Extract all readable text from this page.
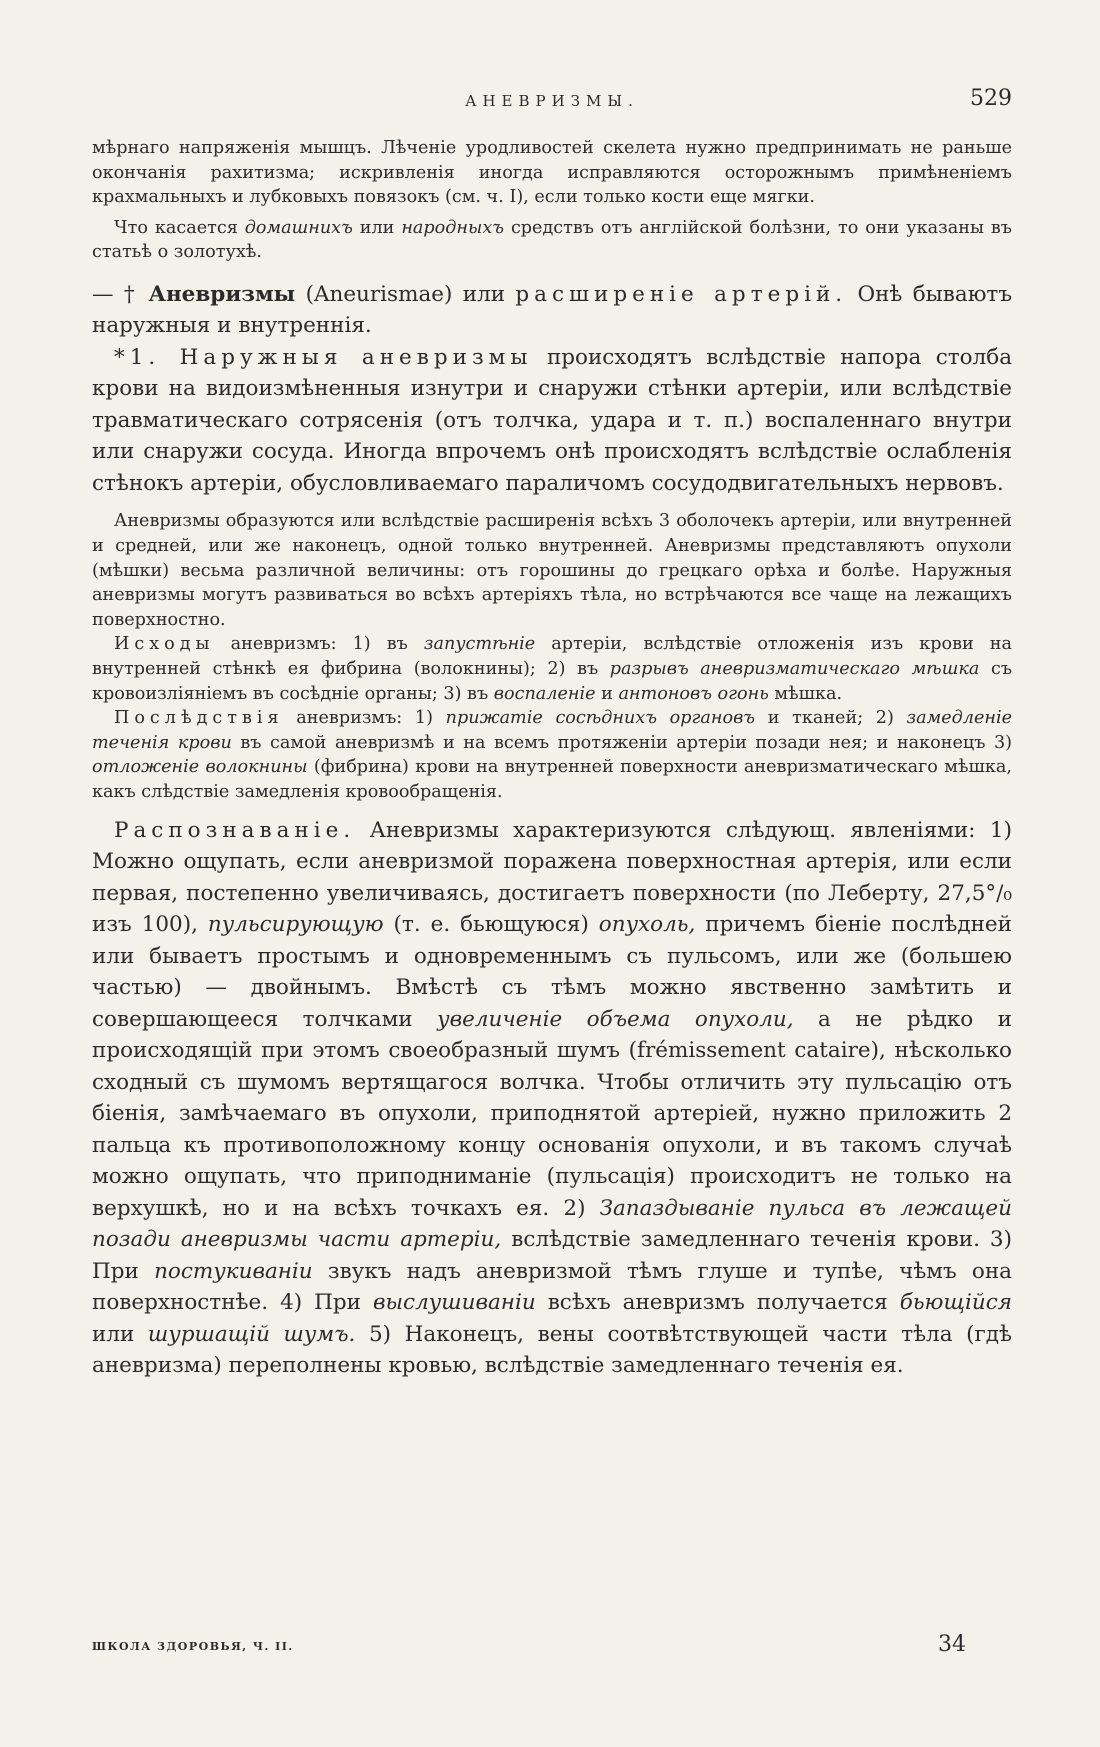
АНЕВРИЗМЫ.	529

мѣрнаго напряженія мышцъ. Лѣченіе уродливостей скелета нужно предпринимать не раньше окончанія рахитизма; искривленія иногда исправляются осторожнымъ примѣненіемъ крахмальныхъ и лубковыхъ повязокъ (см. ч. I), если только кости еще мягки.

Что касается домашнихъ или народныхъ средствъ отъ англійской болѣзни, то они указаны въ статьѣ о золотухѣ.

— † Аневризмы (Aneurismae) или расширеніе артерій. Онѣ бываютъ наружныя и внутреннія.

*1. Наружныя аневризмы происходятъ вслѣдствіе напора столба крови на видоизмѣненныя изнутри и снаружи стѣнки артеріи, или вслѣдствіе травматическаго сотрясенія (отъ толчка, удара и т. п.) воспаленнаго внутри или снаружи сосуда. Иногда впрочемъ онѣ происходятъ вслѣдствіе ослабленія стѣнокъ артеріи, обусловливаемаго параличомъ сосудодвигательныхъ нервовъ.

Аневризмы образуются или вслѣдствіе расширенія всѣхъ 3 оболочекъ артеріи, или внутренней и средней, или же наконецъ, одной только внутренней. Аневризмы представляютъ опухоли (мѣшки) весьма различной величины: отъ горошины до грецкаго орѣха и болѣе. Наружныя аневризмы могутъ развиваться во всѣхъ артеріяхъ тѣла, но встрѣчаются все чаще на лежащихъ поверхностно.

Исходы аневризмъ: 1) въ запустѣніе артеріи, вслѣдствіе отложенія изъ крови на внутренней стѣнкѣ ея фибрина (волокнины); 2) въ разрывъ аневризматическаго мѣшка съ кровоизліяніемъ въ сосѣдніе органы; 3) въ воспаленіе и антоновъ огонь мѣшка.

Послѣдствія аневризмъ: 1) прижатіе сосѣднихъ органовъ и тканей; 2) замедленіе теченія крови въ самой аневризмѣ и на всемъ протяженіи артеріи позади нея; и наконецъ 3) отложеніе волокнины (фибрина) крови на внутренней поверхности аневризматическаго мѣшка, какъ слѣдствіе замедленія кровообращенія.

Распознаваніе. Аневризмы характеризуются слѣдующ. явленіями: 1) Можно ощупать, если аневризмой поражена поверхностная артерія, или если первая, постепенно увеличиваясь, достигаетъ поверхности (по Леберту, 27,5°/₀ изъ 100), пульсирующую (т. е. бьющуюся) опухоль, причемъ біеніе послѣдней или бываетъ простымъ и одновременнымъ съ пульсомъ, или же (большею частью) — двойнымъ. Вмѣстѣ съ тѣмъ можно явственно замѣтить и совершающееся толчками увеличеніе объема опухоли, а не рѣдко и происходящій при этомъ своеобразный шумъ (frémissement cataire), нѣсколько сходный съ шумомъ вертящагося волчка. Чтобы отличить эту пульсацію отъ біенія, замѣчаемаго въ опухоли, приподнятой артеріей, нужно приложить 2 пальца къ противоположному концу основанія опухоли, и въ такомъ случаѣ можно ощупать, что приподниманіе (пульсація) происходитъ не только на верхушкѣ, но и на всѣхъ точкахъ ея. 2) Запаздываніе пульса въ лежащей позади аневризмы части артеріи, вслѣдствіе замедленнаго теченія крови. 3) При постукиваніи звукъ надъ аневризмой тѣмъ глуше и тупѣе, чѣмъ она поверхностнѣе. 4) При выслушиваніи всѣхъ аневризмъ получается бьющійся или шуршащій шумъ. 5) Наконецъ, вены соотвѣтствующей части тѣла (гдѣ аневризма) переполнены кровью, вслѣдствіе замедленнаго теченія ея.

ШКОЛА ЗДОРОВЬЯ, Ч. II.	34
